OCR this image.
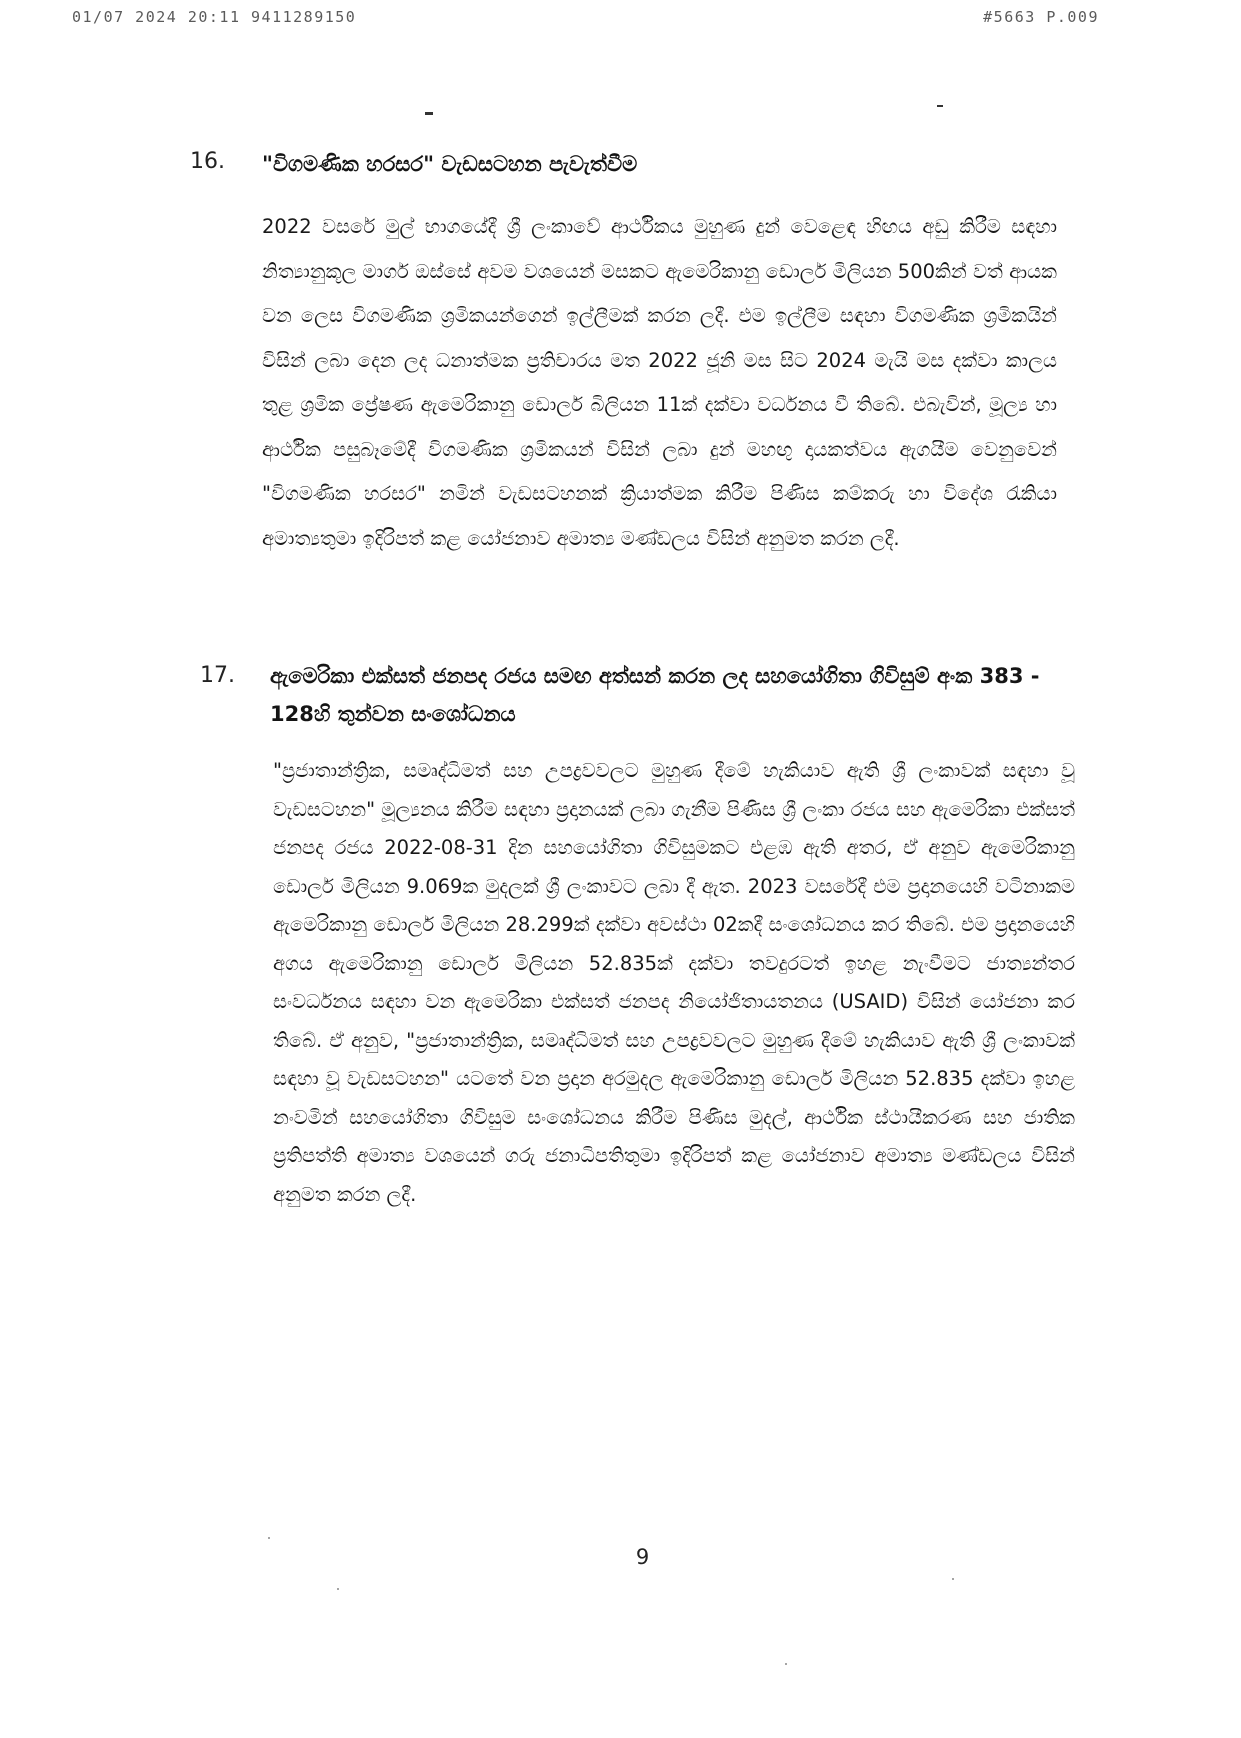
01/07 2024 20:11 9411289150	#5663 P.009
16. "විගමණික හරසර" වැඩසටහන පැවැත්වීම
2022 වසරේ මුල් භාගයේදී ශ්‍රී ලංකාවේ ආර්ථිකය මුහුණ දුන් වෙළෙඳ හිඟය අඩු කිරීම සඳහා නිත්‍යානුකූල මාර්ග ඔස්සේ අවම වශයෙන් මසකට ඇමෙරිකානු ඩොලර් මිලියන 500කින් වත් ආයක වන ලෙස විගමණික ශ්‍රමිකයන්ගෙන් ඉල්ලීමක් කරන ලදී. එම ඉල්ලීම සඳහා විගමණික ශ්‍රමිකයින් විසින් ලබා දෙන ලද ධනාත්මක ප්‍රතිචාරය මත 2022 ජූනි මස සිට 2024 මැයි මස දක්වා කාලය තුළ ශ්‍රමික ප්‍රේෂණ ඇමෙරිකානු ඩොලර් බිලියන 11ක් දක්වා වර්ධනය වී තිබේ. එබැවින්, මූල්‍ය හා ආර්ථික පසුබෑමේදී විගමණික ශ්‍රමිකයන් විසින් ලබා දුන් මහඟු දායකත්වය ඇගයීම වෙනුවෙන් "විගමණික හරසර" නමින් වැඩසටහනක් ක්‍රියාත්මක කිරීම පිණිස කම්කරු හා විදේශ රැකියා අමාත්‍යතුමා ඉදිරිපත් කළ යෝජනාව අමාත්‍ය මණ්ඩලය විසින් අනුමත කරන ලදී.
17. ඇමෙරිකා එක්සත් ජනපද රජය සමඟ අත්සන් කරන ලද සහයෝගිතා ගිවිසුම් අංක 383 - 128හි තුන්වන සංශෝධනය
"ප්‍රජාතාන්ත්‍රික, සමෘද්ධිමත් සහ උපද්‍රවවලට මුහුණ දීමේ හැකියාව ඇති ශ්‍රී ලංකාවක් සඳහා වූ වැඩසටහන" මූල්‍යනය කිරීම සඳහා ප්‍රදානයක් ලබා ගැනීම පිණිස ශ්‍රී ලංකා රජය සහ ඇමෙරිකා එක්සත් ජනපද රජය 2022-08-31 දින සහයෝගිතා ගිවිසුමකට එළඹ ඇති අතර, ඒ අනුව ඇමෙරිකානු ඩොලර් මිලියන 9.069ක මුදලක් ශ්‍රී ලංකාවට ලබා දී ඇත. 2023 වසරේදී එම ප්‍රදානයෙහි වටිනාකම ඇමෙරිකානු ඩොලර් මිලියන 28.299ක් දක්වා අවස්ථා 02කදී සංශෝධනය කර තිබේ. එම ප්‍රදානයෙහි අගය ඇමෙරිකානු ඩොලර් මිලියන 52.835ක් දක්වා තවදුරටත් ඉහළ නැංවීමට ජාත්‍යන්තර සංවර්ධනය සඳහා වන ඇමෙරිකා එක්සත් ජනපද නියෝජිතායතනය (USAID) විසින් යෝජනා කර තිබේ. ඒ අනුව, "ප්‍රජාතාන්ත්‍රික, සමෘද්ධිමත් සහ උපද්‍රවවලට මුහුණ දීමේ හැකියාව ඇති ශ්‍රී ලංකාවක් සඳහා වූ වැඩසටහන" යටතේ වන ප්‍රදාන අරමුදල ඇමෙරිකානු ඩොලර් මිලියන 52.835 දක්වා ඉහළ නංවමින් සහයෝගිතා ගිවිසුම සංශෝධනය කිරීම පිණිස මුදල්, ආර්ථික ස්ථායීකරණ සහ ජාතික ප්‍රතිපත්ති අමාත්‍ය වශයෙන් ගරු ජනාධිපතිතුමා ඉදිරිපත් කළ යෝජනාව අමාත්‍ය මණ්ඩලය විසින් අනුමත කරන ලදී.
9
